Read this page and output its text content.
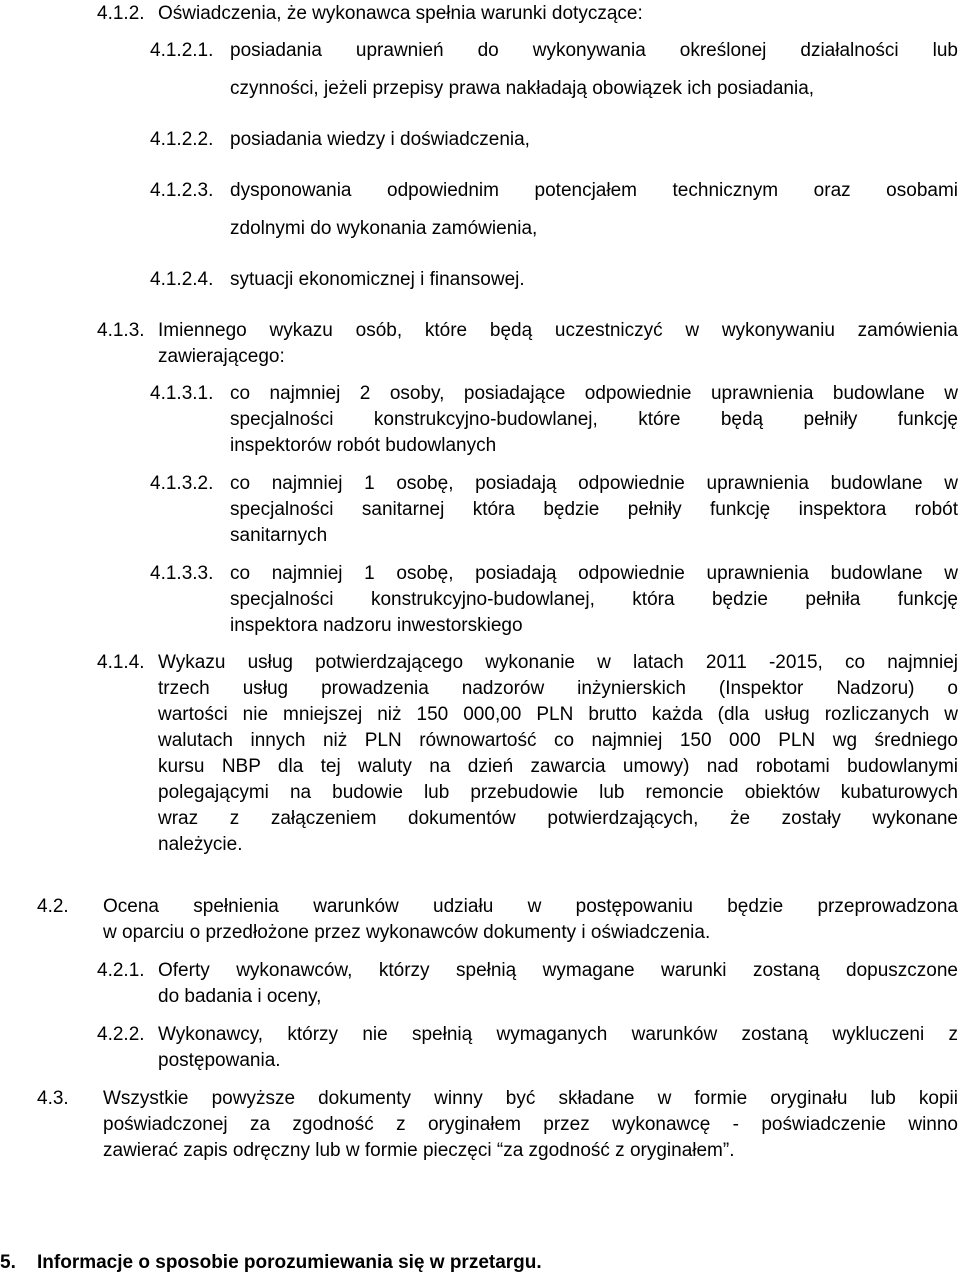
4.1.2. Oświadczenia, że wykonawca spełnia warunki dotyczące:
4.1.2.1. posiadania uprawnień do wykonywania określonej działalności lub
czynności, jeżeli przepisy prawa nakładają obowiązek ich posiadania,
4.1.2.2. posiadania wiedzy i doświadczenia,
4.1.2.3. dysponowania odpowiednim potencjałem technicznym oraz osobami
zdolnymi do wykonania zamówienia,
4.1.2.4. sytuacji ekonomicznej i finansowej.
4.1.3. Imiennego wykazu osób, które będą uczestniczyć w wykonywaniu zamówienia
zawierającego:
4.1.3.1. co najmniej 2 osoby, posiadające odpowiednie uprawnienia budowlane w
specjalności konstrukcyjno-budowlanej, które będą pełniły funkcję
inspektorów robót budowlanych
4.1.3.2. co najmniej 1 osobę, posiadają odpowiednie uprawnienia budowlane w
specjalności sanitarnej która będzie pełniły funkcję inspektora robót
sanitarnych
4.1.3.3. co najmniej 1 osobę, posiadają odpowiednie uprawnienia budowlane w
specjalności konstrukcyjno-budowlanej, która będzie pełniła funkcję
inspektora nadzoru inwestorskiego
4.1.4. Wykazu usług potwierdzającego wykonanie w latach 2011 -2015, co najmniej
trzech usług prowadzenia nadzorów inżynierskich (Inspektor Nadzoru) o
wartości nie mniejszej niż 150 000,00 PLN brutto każda (dla usług rozliczanych w
walutach innych niż PLN równowartość co najmniej 150 000 PLN wg średniego
kursu NBP dla tej waluty na dzień zawarcia umowy) nad robotami budowlanymi
polegającymi na budowie lub przebudowie lub remoncie obiektów kubaturowych
wraz z załączeniem dokumentów potwierdzających, że zostały wykonane
należycie.
4.2. Ocena spełnienia warunków udziału w postępowaniu będzie przeprowadzona
w oparciu o przedłożone przez wykonawców dokumenty i oświadczenia.
4.2.1. Oferty wykonawców, którzy spełnią wymagane warunki zostaną dopuszczone
do badania i oceny,
4.2.2. Wykonawcy, którzy nie spełnią wymaganych warunków zostaną wykluczeni z
postępowania.
4.3. Wszystkie powyższe dokumenty winny być składane w formie oryginału lub kopii
poświadczonej za zgodność z oryginałem przez wykonawcę - poświadczenie winno
zawierać zapis odręczny lub w formie pieczęci “za zgodność z oryginałem”.
5. Informacje o sposobie porozumiewania się w przetargu.
